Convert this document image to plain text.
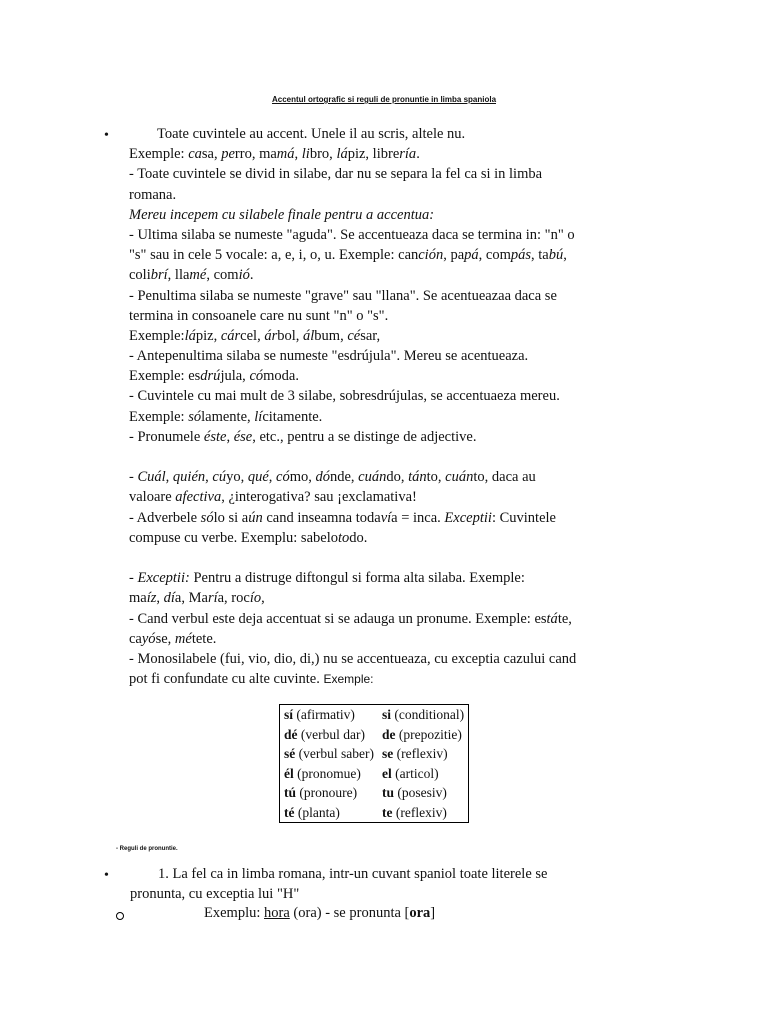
Accentul ortografic si reguli de pronuntie in limba spaniola
•	Toate cuvintele au accent. Unele il au scris, altele nu.
Exemple: casa, perro, mamá, libro, lápiz, librería.
- Toate cuvintele se divid in silabe, dar nu se separa la fel ca si in limba
romana.
Mereu incepem cu silabele finale pentru a accentua:
- Ultima silaba se numeste "aguda". Se accentueaza daca se termina in: "n" o
"s" sau in cele 5 vocale: a, e, i, o, u. Exemple: canción, papá, compás, tabú,
colibrí, llamé, comió.
- Penultima silaba se numeste "grave" sau "llana". Se acentueazaa daca se
termina in consoanele care nu sunt "n" o "s".
Exemple:lápiz, cárcel, árbol, álbum, césar,
- Antepenultima silaba se numeste "esdrújula". Mereu se acentueaza.
Exemple: esdrújula, cómoda.
- Cuvintele cu mai mult de 3 silabe, sobresdrújulas, se accentuaeza mereu.
Exemple: sólamente, lícitamente.
- Pronumele éste, ése, etc., pentru a se distinge de adjective.
- Cuál, quién, cúyo, qué, cómo, dónde, cuándo, tánto, cuánto, daca au
valoare afectiva, ¿interogativa? sau ¡exclamativa!
- Adverbele sólo si aún cand inseamna todavía = inca. Exceptii: Cuvintele
compuse cu verbe. Exemplu: sabelotodo.
- Exceptii: Pentru a distruge diftongul si forma alta silaba. Exemple:
maíz, día, María, rocío,
- Cand verbul este deja accentuat si se adauga un pronume. Exemple: estáte,
cayóse, métete.
- Monosilabele (fui, vio, dio, di,) nu se accentueaza, cu exceptia cazului cand
pot fi confundate cu alte cuvinte. Exemple:
sí (afirmativ)	si (conditional)
dé (verbul dar)	de (prepozitie)
sé (verbul saber)	se (reflexiv)
él (pronomue)	el (articol)
tú (pronoure)	tu (posesiv)
té (planta)	te (reflexiv)
- Reguli de pronuntie.
•	1. La fel ca in limba romana, intr-un cuvant spaniol toate literele se
pronunta, cu exceptia lui "H"
Exemplu: hora (ora) - se pronunta [ora]
